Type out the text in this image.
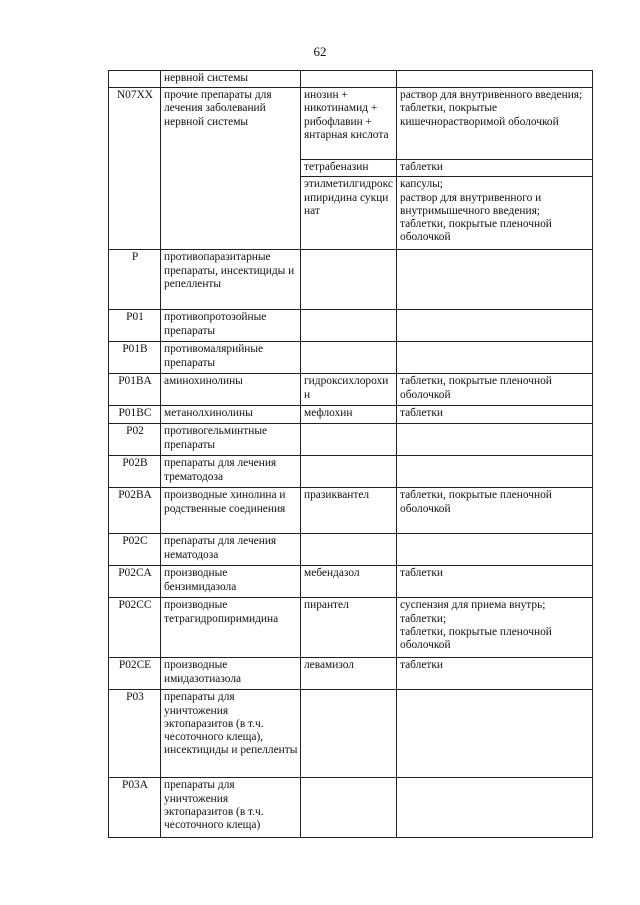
62
	нервной системы		
N07XX	прочие препараты для лечения заболеваний нервной системы	инозин + никотинамид + рибофлавин + янтарная кислота	раствор для внутривенного введения;
таблетки, покрытые кишечнорастворимой оболочкой
		тетрабеназин	таблетки
		этилметилгидроксипиридина сукцинат	капсулы;
раствор для внутривенного и внутримышечного введения;
таблетки, покрытые пленочной оболочкой
P	противопаразитарные препараты, инсектициды и репелленты		
P01	противопротозойные препараты		
P01B	противомалярийные препараты		
P01BA	аминохинолины	гидроксихлорохин	таблетки, покрытые пленочной оболочкой
P01BC	метанолхинолины	мефлохин	таблетки
P02	противогельминтные препараты		
P02B	препараты для лечения трематодоза		
P02BA	производные хинолина и родственные соединения	празиквантел	таблетки, покрытые пленочной оболочкой
P02C	препараты для лечения нематодоза		
P02CA	производные бензимидазола	мебендазол	таблетки
P02CC	производные тетрагидропиримидина	пирантел	суспензия для приема внутрь;
таблетки;
таблетки, покрытые пленочной оболочкой
P02CE	производные имидазотиазола	левамизол	таблетки
P03	препараты для уничтожения эктопаразитов (в т.ч. чесоточного клеща), инсектициды и репелленты		
P03A	препараты для уничтожения эктопаразитов (в т.ч. чесоточного клеща)		
